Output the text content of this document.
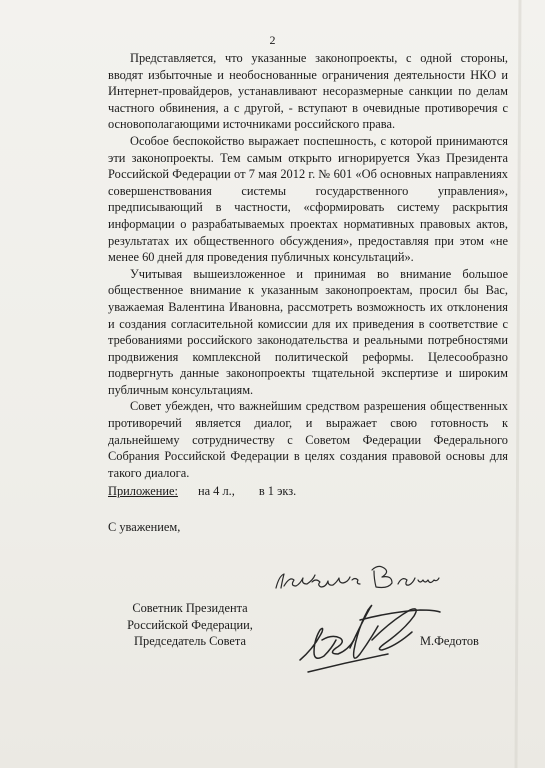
2

Представляется, что указанные законопроекты, с одной стороны, вводят избыточные и необоснованные ограничения деятельности НКО и Интернет-провайдеров, устанавливают несоразмерные санкции по делам частного обвинения, а с другой, - вступают в очевидные противоречия с основополагающими источниками российского права.

Особое беспокойство выражает поспешность, с которой принимаются эти законопроекты. Тем самым открыто игнорируется Указ Президента Российской Федерации от 7 мая 2012 г. № 601 «Об основных направлениях совершенствования системы государственного управления», предписывающий в частности, «сформировать систему раскрытия информации о разрабатываемых проектах нормативных правовых актов, результатах их общественного обсуждения», предоставляя при этом «не менее 60 дней для проведения публичных консультаций».

Учитывая вышеизложенное и принимая во внимание большое общественное внимание к указанным законопроектам, просил бы Вас, уважаемая Валентина Ивановна, рассмотреть возможность их отклонения и создания согласительной комиссии для их приведения в соответствие с требованиями российского законодательства и реальными потребностями продвижения комплексной политической реформы. Целесообразно подвергнуть данные законопроекты тщательной экспертизе и широким публичным консультациям.

Совет убежден, что важнейшим средством разрешения общественных противоречий является диалог, и выражает свою готовность к дальнейшему сотрудничеству с Советом Федерации Федерального Собрания Российской Федерации в целях создания правовой основы для такого диалога.

Приложение: на 4 л., в 1 экз.
С уважением,
Советник Президента
Российской Федерации,
Председатель Совета	М.Федотов
